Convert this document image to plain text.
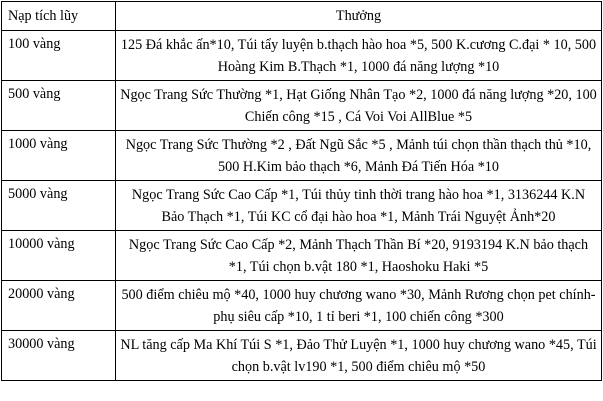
Nạp tích lũy	Thưởng
100 vàng	125 Đá khắc ấn*10, Túi tẩy luyện b.thạch hào hoa *5, 500 K.cương C.đại * 10, 500 Hoàng Kim B.Thạch *1, 1000 đá năng lượng *10
500 vàng	Ngọc Trang Sức Thường *1, Hạt Giống Nhân Tạo *2, 1000 đá năng lượng *20, 100 Chiến công *15 , Cá Voi Voi AllBlue *5
1000 vàng	Ngọc Trang Sức Thường *2 , Đất Ngũ Sắc *5 , Mảnh túi chọn thần thạch thủ *10, 500 H.Kim bảo thạch *6, Mảnh Đá Tiến Hóa *10
5000 vàng	Ngọc Trang Sức Cao Cấp *1, Túi thủy tinh thời trang hào hoa *1, 3136244 K.N Bảo Thạch *1, Túi KC cổ đại hào hoa *1, Mảnh Trái Nguyệt Ảnh*20
10000 vàng	Ngọc Trang Sức Cao Cấp *2, Mảnh Thạch Thần Bí *20, 9193194 K.N bảo thạch *1, Túi chọn b.vật 180 *1, Haoshoku Haki *5
20000 vàng	500 điểm chiêu mộ *40, 1000 huy chương wano *30, Mảnh Rương chọn pet chính-phụ siêu cấp *10, 1 tỉ beri *1, 100 chiến công *300
30000 vàng	NL tăng cấp Ma Khí Túi S *1, Đảo Thử Luyện *1, 1000 huy chương wano *45, Túi chọn b.vật lv190 *1, 500 điểm chiêu mộ *50
